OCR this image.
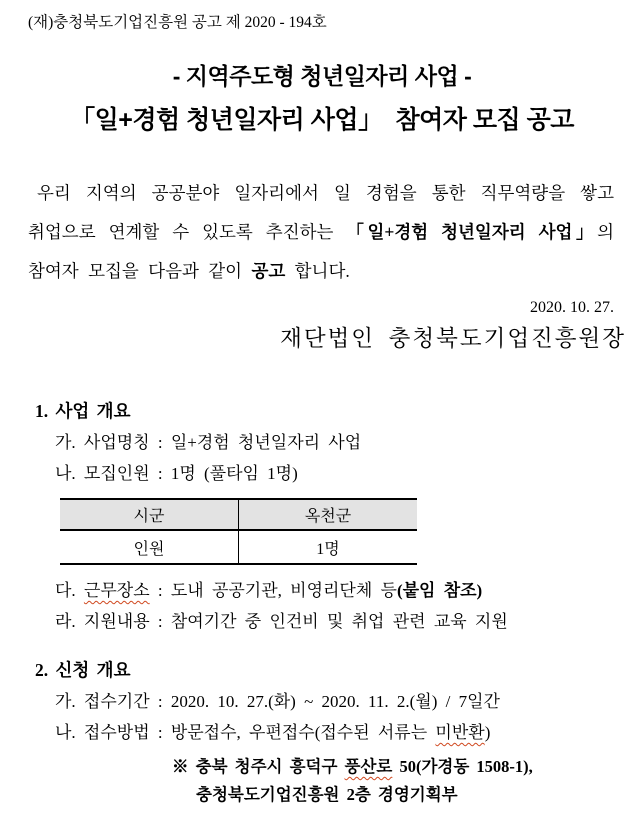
(재)충청북도기업진흥원 공고 제 2020 - 194호
- 지역주도형 청년일자리 사업 -
「일+경험 청년일자리 사업」  참여자 모집 공고
우리 지역의 공공분야 일자리에서 일 경험을 통한 직무역량을 쌓고
취업으로 연계할 수 있도록 추진하는 「일+경험 청년일자리 사업」의
참여자 모집을 다음과 같이 공고 합니다.
2020. 10. 27.
재단법인 충청북도기업진흥원장
1. 사업 개요
가. 사업명칭 : 일+경험 청년일자리 사업
나. 모집인원 : 1명 (풀타임 1명)
시군	옥천군
인원	1명
다. 근무장소 : 도내 공공기관, 비영리단체 등(붙임 참조)
라. 지원내용 : 참여기간 중 인건비 및 취업 관련 교육 지원
2. 신청 개요
가. 접수기간 : 2020. 10. 27.(화) ~ 2020. 11. 2.(월) / 7일간
나. 접수방법 : 방문접수, 우편접수(접수된 서류는 미반환)
※ 충북 청주시 흥덕구 풍산로 50(가경동 1508-1),
충청북도기업진흥원 2층 경영기획부
